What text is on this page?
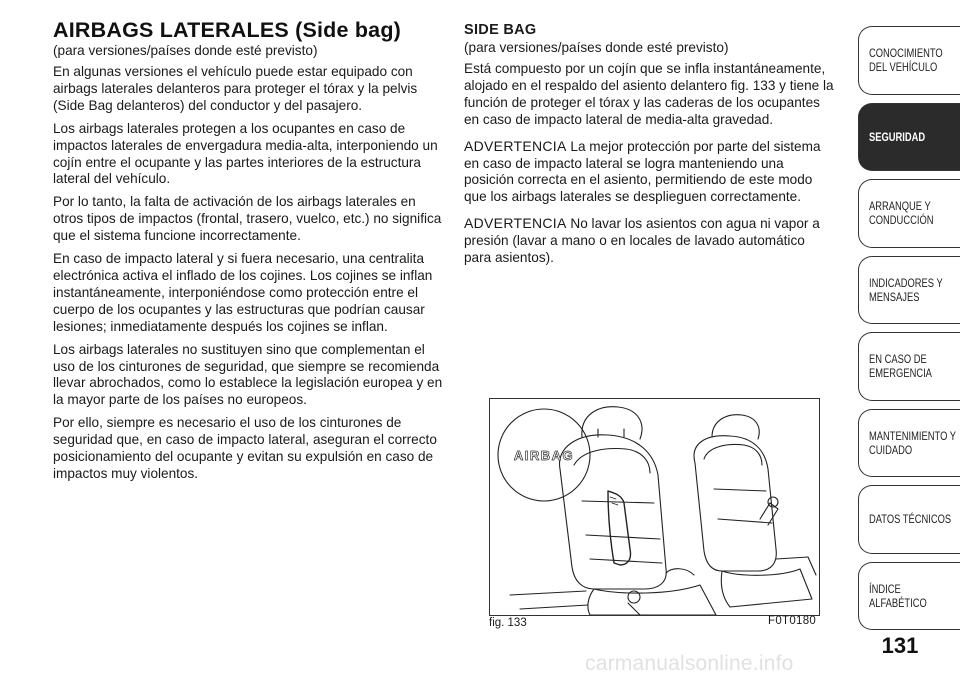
AIRBAGS LATERALES (Side bag)
(para versiones/países donde esté previsto)

En algunas versiones el vehículo puede estar equipado con airbags laterales delanteros para proteger el tórax y la pelvis (Side Bag delanteros) del conductor y del pasajero.

Los airbags laterales protegen a los ocupantes en caso de impactos laterales de envergadura media-alta, interponiendo un cojín entre el ocupante y las partes interiores de la estructura lateral del vehículo.

Por lo tanto, la falta de activación de los airbags laterales en otros tipos de impactos (frontal, trasero, vuelco, etc.) no significa que el sistema funcione incorrectamente.

En caso de impacto lateral y si fuera necesario, una centralita electrónica activa el inflado de los cojines. Los cojines se inflan instantáneamente, interponiéndose como protección entre el cuerpo de los ocupantes y las estructuras que podrían causar lesiones; inmediatamente después los cojines se inflan.

Los airbags laterales no sustituyen sino que complementan el uso de los cinturones de seguridad, que siempre se recomienda llevar abrochados, como lo establece la legislación europea y en la mayor parte de los países no europeos.

Por ello, siempre es necesario el uso de los cinturones de seguridad que, en caso de impacto lateral, aseguran el correcto posicionamiento del ocupante y evitan su expulsión en caso de impactos muy violentos.

SIDE BAG
(para versiones/países donde esté previsto)

Está compuesto por un cojín que se infla instantáneamente, alojado en el respaldo del asiento delantero fig. 133 y tiene la función de proteger el tórax y las caderas de los ocupantes en caso de impacto lateral de media-alta gravedad.

ADVERTENCIA La mejor protección por parte del sistema en caso de impacto lateral se logra manteniendo una posición correcta en el asiento, permitiendo de este modo que los airbags laterales se desplieguen correctamente.

ADVERTENCIA No lavar los asientos con agua ni vapor a presión (lavar a mano o en locales de lavado automático para asientos).

AIRBAG
fig. 133	F0T0180
CONOCIMIENTO
DEL VEHÍCULO
SEGURIDAD
ARRANQUE Y
CONDUCCIÓN
INDICADORES Y
MENSAJES
EN CASO DE
EMERGENCIA
MANTENIMIENTO Y
CUIDADO
DATOS TÉCNICOS
ÍNDICE ALFABÉTICO
131
carmanualsonline.info
